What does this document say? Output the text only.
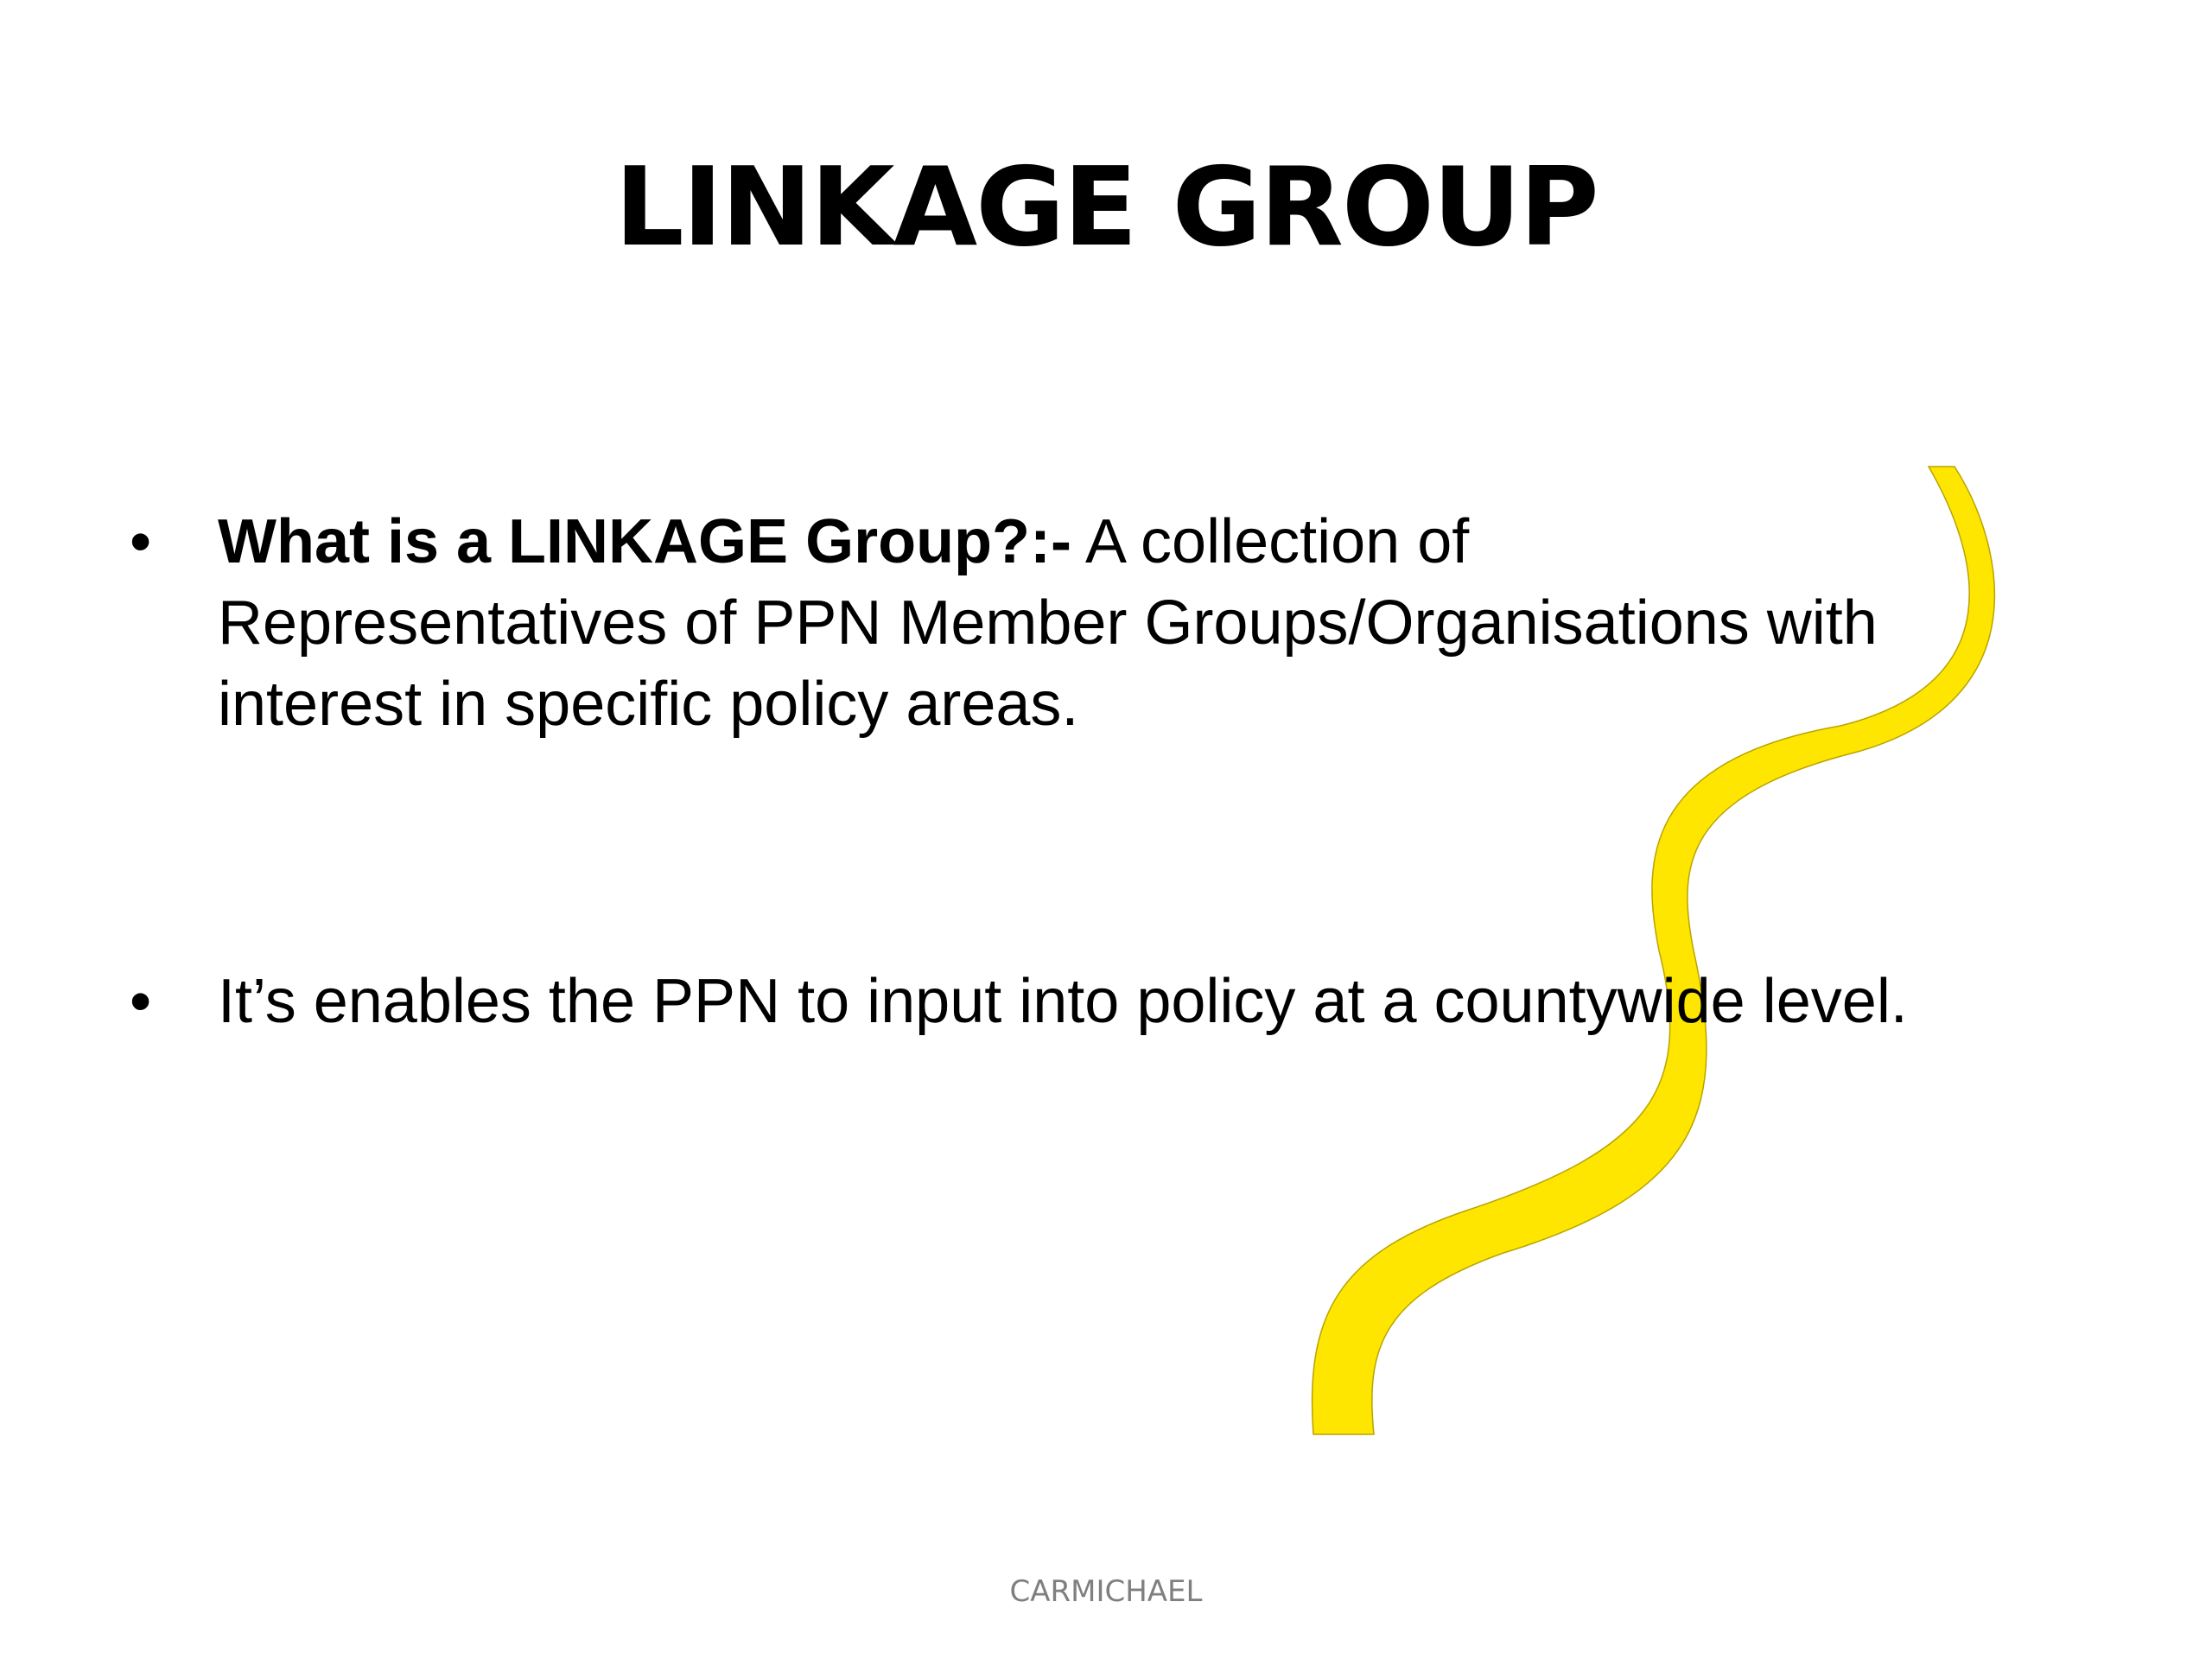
LINKAGE GROUP
•	What is a LINKAGE Group?:- A collection of
Representatives of PPN Member Groups/Organisations with
interest in specific policy areas.
•	It’s enables the PPN to input into policy at a countywide level.
CARMICHAEL
